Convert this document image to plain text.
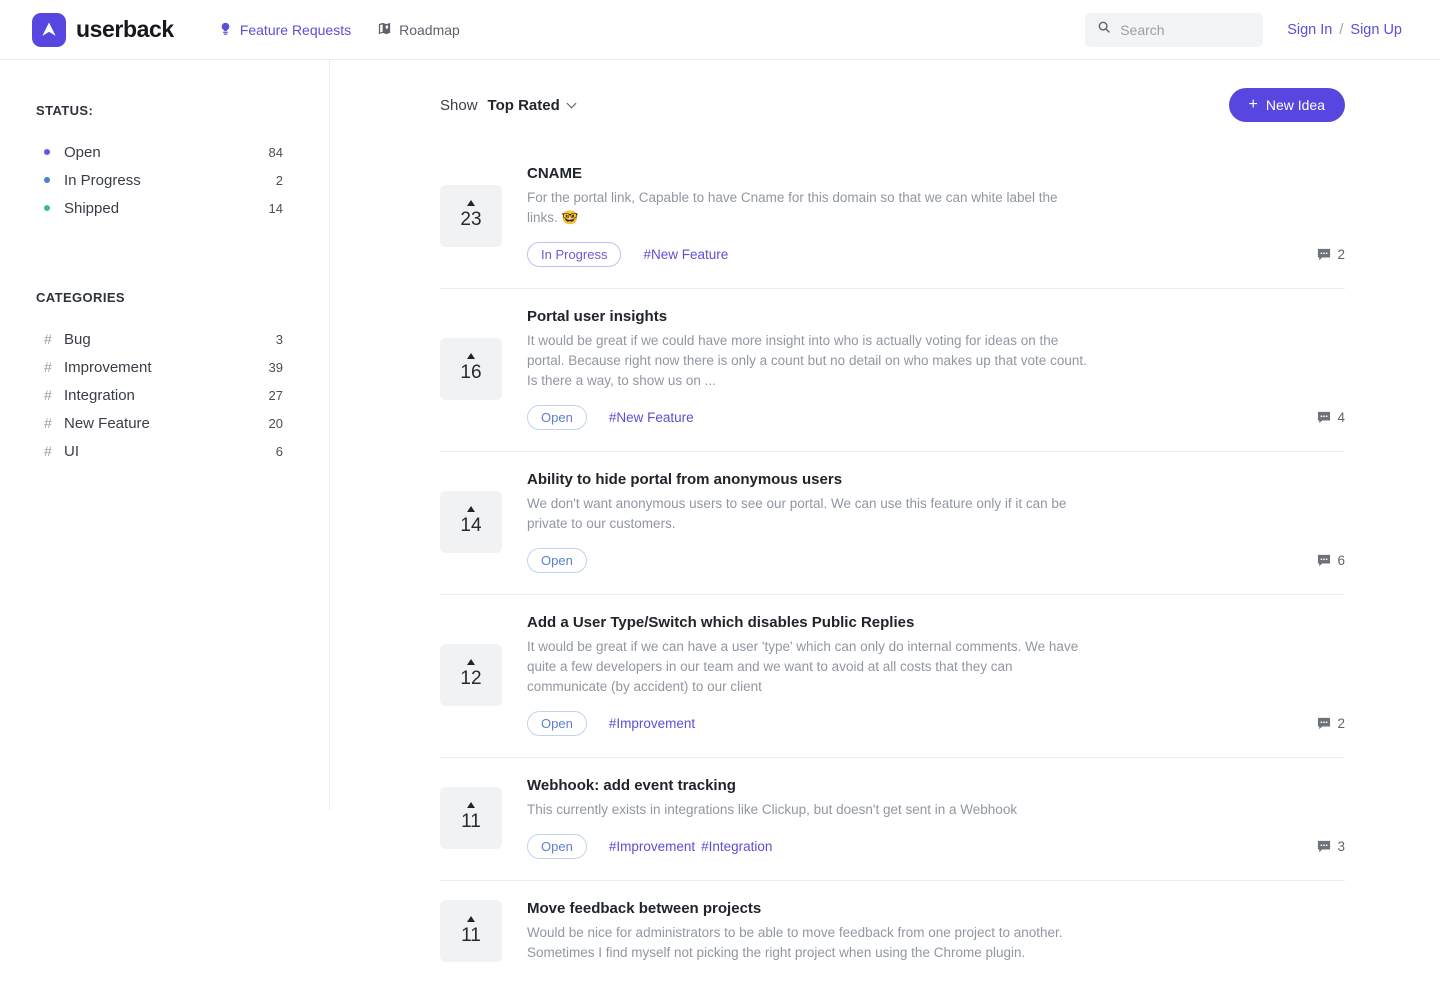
userback	Feature Requests	Roadmap
Search	Sign In / Sign Up
STATUS:
Open	84
In Progress	2
Shipped	14
CATEGORIES
# Bug	3
# Improvement	39
# Integration	27
# New Feature	20
# UI	6
Show Top Rated	+ New Idea
23
CNAME
For the portal link, Capable to have Cname for this domain so that we can white label the links. 🤓
In Progress	#New Feature	2
16
Portal user insights
It would be great if we could have more insight into who is actually voting for ideas on the portal. Because right now there is only a count but no detail on who makes up that vote count. Is there a way, to show us on ...
Open	#New Feature	4
14
Ability to hide portal from anonymous users
We don't want anonymous users to see our portal. We can use this feature only if it can be private to our customers.
Open	6
12
Add a User Type/Switch which disables Public Replies
It would be great if we can have a user 'type' which can only do internal comments. We have quite a few developers in our team and we want to avoid at all costs that they can communicate (by accident) to our client
Open	#Improvement	2
11
Webhook: add event tracking
This currently exists in integrations like Clickup, but doesn't get sent in a Webhook
Open	#Improvement #Integration	3
11
Move feedback between projects
Would be nice for administrators to be able to move feedback from one project to another. Sometimes I find myself not picking the right project when using the Chrome plugin.
